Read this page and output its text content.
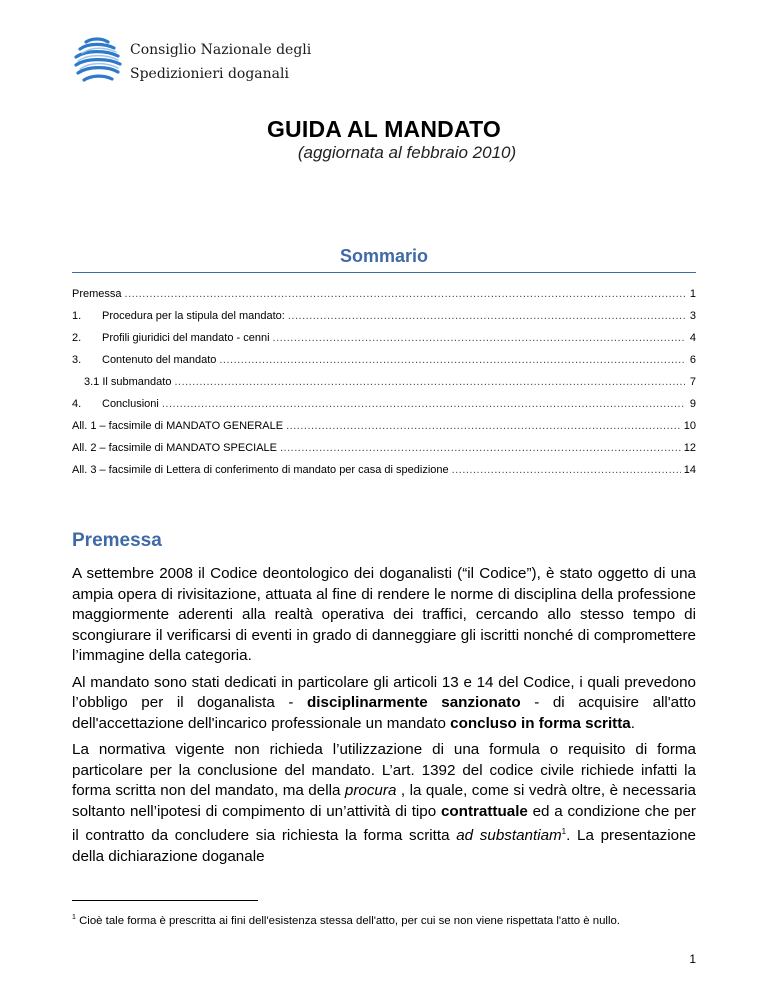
Consiglio Nazionale degli
Spedizionieri doganali
GUIDA AL MANDATO
(aggiornata al febbraio 2010)
Sommario
Premessa .....	1
1.	Procedura per la stipula del mandato: .....	3
2.	Profili giuridici del mandato - cenni .....	4
3.	Contenuto del mandato .....	6
3.1 Il submandato .....	7
4.	Conclusioni .....	9
All. 1 – facsimile di MANDATO GENERALE .....	10
All. 2 – facsimile di MANDATO SPECIALE .....	12
All. 3 – facsimile di Lettera di conferimento di mandato per casa di spedizione .....	14
Premessa

A settembre 2008 il Codice deontologico dei doganalisti (“il Codice”), è stato oggetto di una ampia opera di rivisitazione, attuata al fine di rendere le norme di disciplina della professione maggiormente aderenti alla realtà operativa dei traffici, cercando allo stesso tempo di scongiurare il verificarsi di eventi in grado di danneggiare gli iscritti nonché di compromettere l’immagine della categoria.

Al mandato sono stati dedicati in particolare gli articoli 13 e 14 del Codice, i quali prevedono l’obbligo per il doganalista - disciplinarmente sanzionato - di acquisire all'atto dell'accettazione dell'incarico professionale un mandato concluso in forma scritta.

La normativa vigente non richieda l’utilizzazione di una formula o requisito di forma particolare per la conclusione del mandato. L’art. 1392 del codice civile richiede infatti la forma scritta non del mandato, ma della procura , la quale, come si vedrà oltre, è necessaria soltanto nell’ipotesi di compimento di un’attività di tipo contrattuale ed a condizione che per il contratto da concludere sia richiesta la forma scritta ad substantiam$^1$. La presentazione della dichiarazione doganale

$^1$ Cioè tale forma è prescritta ai fini dell'esistenza stessa dell'atto, per cui se non viene rispettata l'atto è nullo.
1
